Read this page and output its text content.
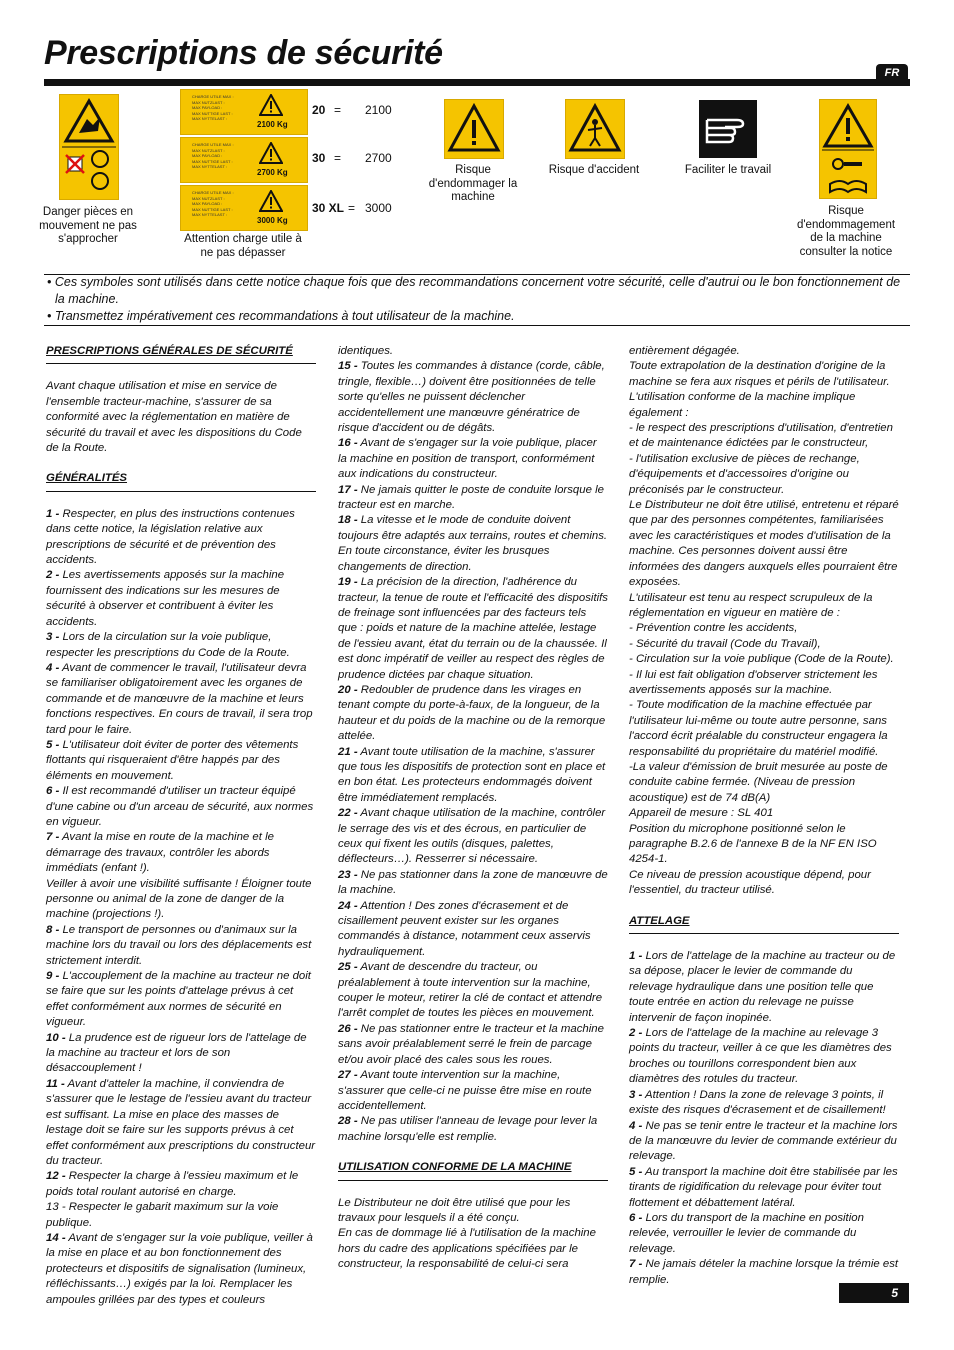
Prescriptions de sécurité
FR
Danger pièces en mouvement ne pas s'approcher
CHARGE UTILE MAX :
MAX NUTZLAST :
MAX PAYLOAD :
MAX NUTTIGE LAST :
MAX NYTTELAST :
2100 Kg
CHARGE UTILE MAX :
MAX NUTZLAST :
MAX PAYLOAD :
MAX NUTTIGE LAST :
MAX NYTTELAST :
2700 Kg
CHARGE UTILE MAX :
MAX NUTZLAST :
MAX PAYLOAD :
MAX NUTTIGE LAST :
MAX NYTTELAST :
3000 Kg
Attention charge utile à ne pas dépasser
20 = 2100
30 = 2700
30 XL = 3000
Risque d'endommager la machine
Risque d'accident	Faciliter le travail
Risque d'endommagement de la machine consulter la notice

• Ces symboles sont utilisés dans cette notice chaque fois que des recommandations concernent votre sécurité, celle d'autrui ou le bon fonctionnement de la machine.

• Transmettez impérativement ces recommandations à tout utilisateur de la machine.

PRESCRIPTIONS GÉNÉRALES DE SÉCURITÉ

Avant chaque utilisation et mise en service de l'ensemble tracteur-machine, s'assurer de sa conformité avec la réglementation en matière de sécurité du travail et avec les dispositions du Code de la Route.

GÉNÉRALITÉS

1 - Respecter, en plus des instructions contenues dans cette notice, la législation relative aux prescriptions de sécurité et de prévention des accidents.

2 - Les avertissements apposés sur la machine fournissent des indications sur les mesures de sécurité à observer et contribuent à éviter les accidents.

3 - Lors de la circulation sur la voie publique, respecter les prescriptions du Code de la Route.

4 - Avant de commencer le travail, l'utilisateur devra se familiariser obligatoirement avec les organes de commande et de manœuvre de la machine et leurs fonctions respectives. En cours de travail, il sera trop tard pour le faire.

5 - L'utilisateur doit éviter de porter des vêtements flottants qui risqueraient d'être happés par des éléments en mouvement.

6 - Il est recommandé d'utiliser un tracteur équipé d'une cabine ou d'un arceau de sécurité, aux normes en vigueur.

7 - Avant la mise en route de la machine et le démarrage des travaux, contrôler les abords immédiats (enfant !).

Veiller à avoir une visibilité suffisante ! Éloigner toute personne ou animal de la zone de danger de la machine (projections !).

8 - Le transport de personnes ou d'animaux sur la machine lors du travail ou lors des déplacements est strictement interdit.

9 - L'accouplement de la machine au tracteur ne doit se faire que sur les points d'attelage prévus à cet effet conformément aux normes de sécurité en vigueur.

10 - La prudence est de rigueur lors de l'attelage de la machine au tracteur et lors de son désaccouplement !

11 - Avant d'atteler la machine, il conviendra de s'assurer que le lestage de l'essieu avant du tracteur est suffisant. La mise en place des masses de lestage doit se faire sur les supports prévus à cet effet conformément aux prescriptions du constructeur du tracteur.

12 - Respecter la charge à l'essieu maximum et le poids total roulant autorisé en charge.

13 - Respecter le gabarit maximum sur la voie publique.

14 - Avant de s'engager sur la voie publique, veiller à la mise en place et au bon fonctionnement des protecteurs et dispositifs de signalisation (lumineux, réfléchissants…) exigés par la loi. Remplacer les ampoules grillées par des types et couleurs

identiques.

15 - Toutes les commandes à distance (corde, câble, tringle, flexible…) doivent être positionnées de telle sorte qu'elles ne puissent déclencher accidentellement une manœuvre génératrice de risque d'accident ou de dégâts.

16 - Avant de s'engager sur la voie publique, placer la machine en position de transport, conformément aux indications du constructeur.

17 - Ne jamais quitter le poste de conduite lorsque le tracteur est en marche.

18 - La vitesse et le mode de conduite doivent toujours être adaptés aux terrains, routes et chemins. En toute circonstance, éviter les brusques changements de direction.

19 - La précision de la direction, l'adhérence du tracteur, la tenue de route et l'efficacité des dispositifs de freinage sont influencées par des facteurs tels que : poids et nature de la machine attelée, lestage de l'essieu avant, état du terrain ou de la chaussée. Il est donc impératif de veiller au respect des règles de prudence dictées par chaque situation.

20 - Redoubler de prudence dans les virages en tenant compte du porte-à-faux, de la longueur, de la hauteur et du poids de la machine ou de la remorque attelée.

21 - Avant toute utilisation de la machine, s'assurer que tous les dispositifs de protection sont en place et en bon état. Les protecteurs endommagés doivent être immédiatement remplacés.

22 - Avant chaque utilisation de la machine, contrôler le serrage des vis et des écrous, en particulier de ceux qui fixent les outils (disques, palettes, déflecteurs…). Resserrer si nécessaire.

23 - Ne pas stationner dans la zone de manœuvre de la machine.

24 - Attention ! Des zones d'écrasement et de cisaillement peuvent exister sur les organes commandés à distance, notamment ceux asservis hydrauliquement.

25 - Avant de descendre du tracteur, ou préalablement à toute intervention sur la machine, couper le moteur, retirer la clé de contact et attendre l'arrêt complet de toutes les pièces en mouvement.

26 - Ne pas stationner entre le tracteur et la machine sans avoir préalablement serré le frein de parcage et/ou avoir placé des cales sous les roues.

27 - Avant toute intervention sur la machine, s'assurer que celle-ci ne puisse être mise en route accidentellement.

28 - Ne pas utiliser l'anneau de levage pour lever la machine lorsqu'elle est remplie.

UTILISATION CONFORME DE LA MACHINE

Le Distributeur ne doit être utilisé que pour les travaux pour lesquels il a été conçu.
En cas de dommage lié à l'utilisation de la machine hors du cadre des applications spécifiées par le constructeur, la responsabilité de celui-ci sera

entièrement dégagée.

Toute extrapolation de la destination d'origine de la machine se fera aux risques et périls de l'utilisateur.

L'utilisation conforme de la machine implique également :

- le respect des prescriptions d'utilisation, d'entretien et de maintenance édictées par le constructeur,

- l'utilisation exclusive de pièces de rechange, d'équipements et d'accessoires d'origine ou préconisés par le constructeur.

Le Distributeur ne doit être utilisé, entretenu et réparé que par des personnes compétentes, familiarisées avec les caractéristiques et modes d'utilisation de la machine. Ces personnes doivent aussi être informées des dangers auxquels elles pourraient être exposées.

L'utilisateur est tenu au respect scrupuleux de la réglementation en vigueur en matière de :

- Prévention contre les accidents,

- Sécurité du travail (Code du Travail),

- Circulation sur la voie publique (Code de la Route).

- Il lui est fait obligation d'observer strictement les avertissements apposés sur la machine.

- Toute modification de la machine effectuée par l'utilisateur lui-même ou toute autre personne, sans l'accord écrit préalable du constructeur engagera la responsabilité du propriétaire du matériel modifié.

-La valeur d'émission de bruit mesurée au poste de conduite cabine fermée. (Niveau de pression acoustique) est de 74 dB(A)

Appareil de mesure : SL 401

Position du microphone positionné selon le paragraphe B.2.6 de l'annexe B de la NF EN ISO 4254-1.

Ce niveau de pression acoustique dépend, pour l'essentiel, du tracteur utilisé.

ATTELAGE

1 - Lors de l'attelage de la machine au tracteur ou de sa dépose, placer le levier de commande du relevage hydraulique dans une position telle que toute entrée en action du relevage ne puisse intervenir de façon inopinée.

2 - Lors de l'attelage de la machine au relevage 3 points du tracteur, veiller à ce que les diamètres des broches ou tourillons correspondent bien aux diamètres des rotules du tracteur.

3 - Attention ! Dans la zone de relevage 3 points, il existe des risques d'écrasement et de cisaillement!

4 - Ne pas se tenir entre le tracteur et la machine lors de la manœuvre du levier de commande extérieur du relevage.

5 - Au transport la machine doit être stabilisée par les tirants de rigidification du relevage pour éviter tout flottement et débattement latéral.

6 - Lors du transport de la machine en position relevée, verrouiller le levier de commande du relevage.

7 - Ne jamais dételer la machine lorsque la trémie est remplie.

5
